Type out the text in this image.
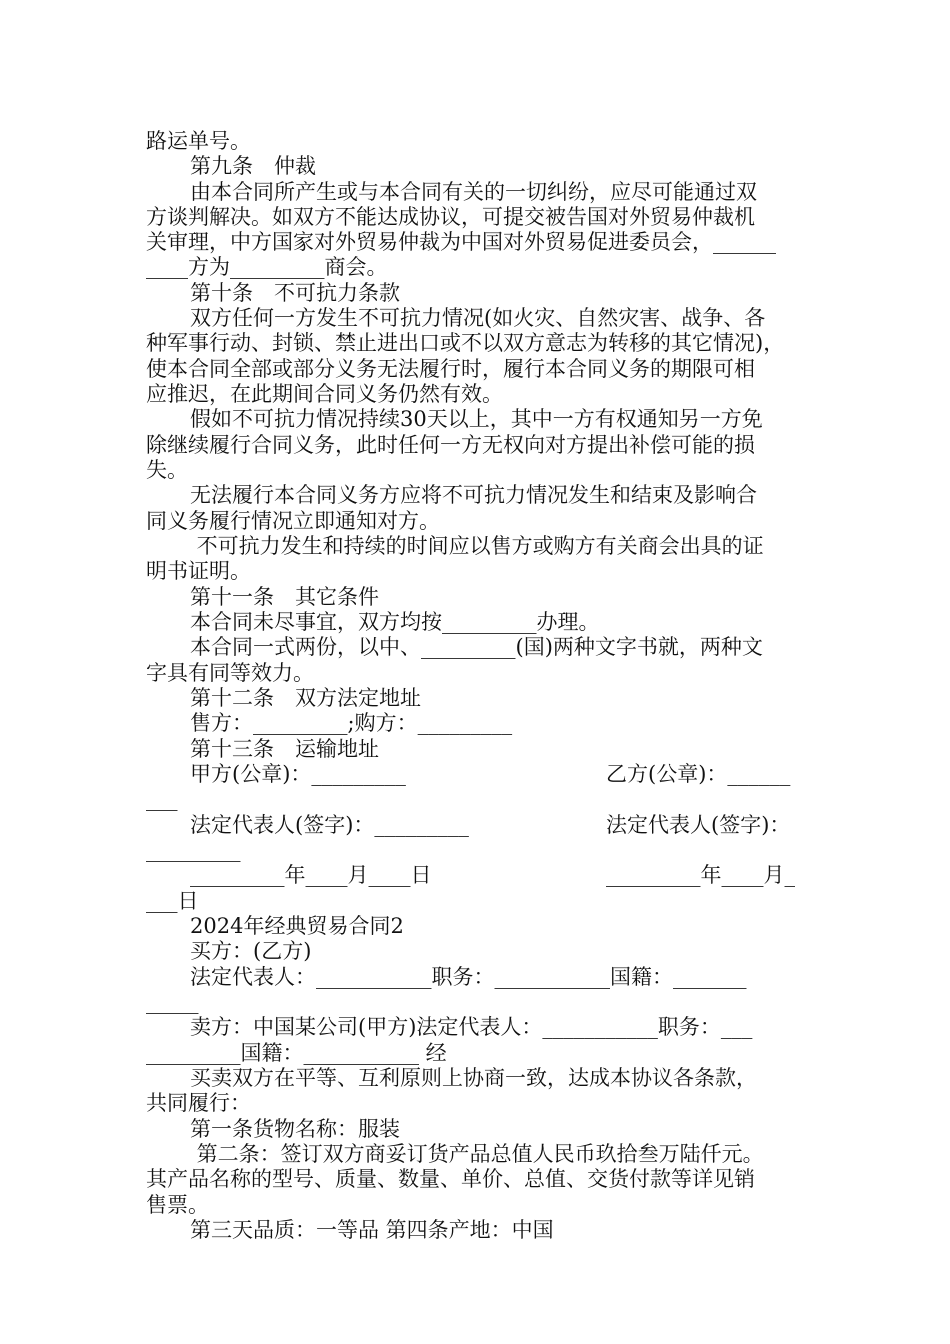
路运单号。
第九条　仲裁
由本合同所产生或与本合同有关的一切纠纷，应尽可能通过双
方谈判解决。如双方不能达成协议，可提交被告国对外贸易仲裁机
关审理，中方国家对外贸易仲裁为中国对外贸易促进委员会，______
____方为_________商会。
第十条　不可抗力条款
双方任何一方发生不可抗力情况(如火灾、自然灾害、战争、各
种军事行动、封锁、禁止进出口或不以双方意志为转移的其它情况)，
使本合同全部或部分义务无法履行时，履行本合同义务的期限可相
应推迟，在此期间合同义务仍然有效。
假如不可抗力情况持续30天以上，其中一方有权通知另一方免
除继续履行合同义务，此时任何一方无权向对方提出补偿可能的损
失。
无法履行本合同义务方应将不可抗力情况发生和结束及影响合
同义务履行情况立即通知对方。
不可抗力发生和持续的时间应以售方或购方有关商会出具的证
明书证明。
第十一条　其它条件
本合同未尽事宜，双方均按_________办理。
本合同一式两份，以中、_________(国)两种文字书就，两种文
字具有同等效力。
第十二条　双方法定地址
售方：_________;购方：_________
第十三条　运输地址
甲方(公章)：_________
___
法定代表人(签字)：_________
_________
_________年____月____日
___日
2024年经典贸易合同2
买方：(乙方)
法定代表人：___________职务：___________国籍：_______
_____
卖方：中国某公司(甲方)法定代表人：___________职务：___
_________国籍：___________ 经
买卖双方在平等、互利原则上协商一致，达成本协议各条款，
共同履行：
第一条货物名称：服装
第二条：签订双方商妥订货产品总值人民币玖拾叁万陆仟元。
其产品名称的型号、质量、数量、单价、总值、交货付款等详见销
售票。
第三天品质：一等品 第四条产地：中国
乙方(公章)：______
法定代表人(签字)：
_________年____月_
